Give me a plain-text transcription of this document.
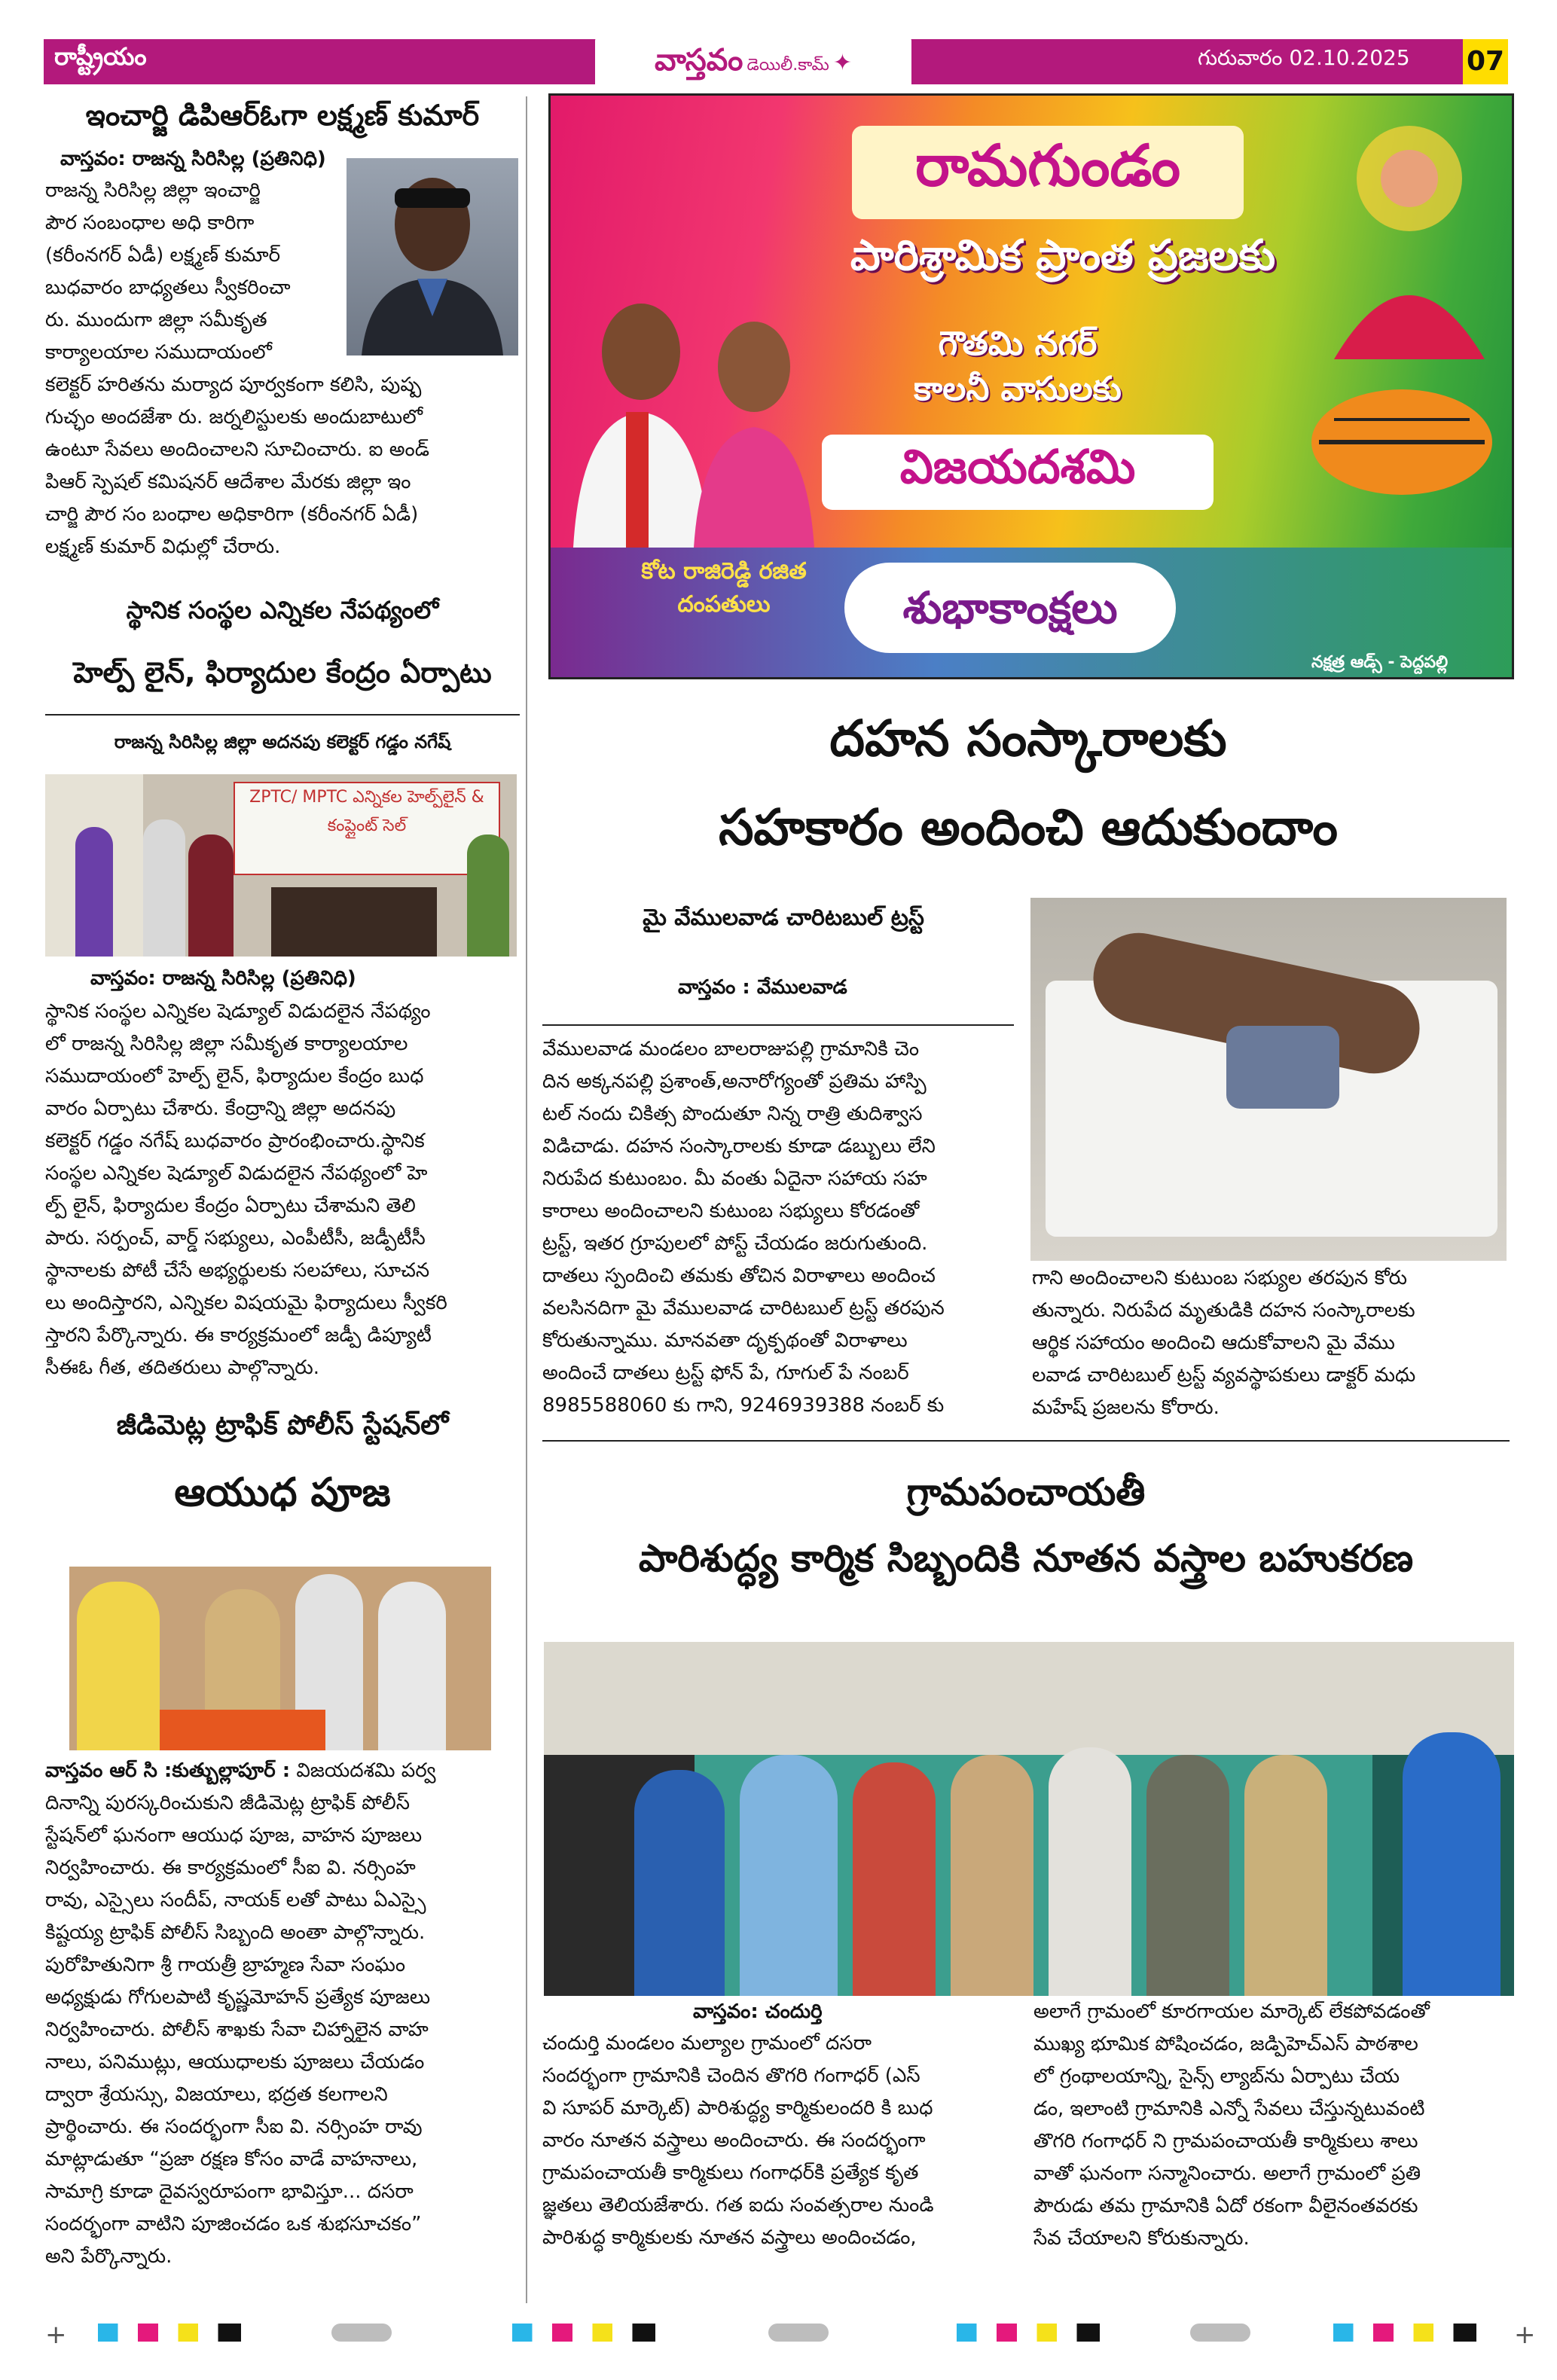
రాష్ట్రీయం	వాస్తవం డెయిలీ.కామ్ ✦	గురువారం 02.10.2025 07
ఇంచార్జి డిపిఆర్ఓగా లక్ష్మణ్ కుమార్
వాస్తవం: రాజన్న సిరిసిల్ల (ప్రతినిధి)
రాజన్న సిరిసిల్ల జిల్లా ఇంచార్జి
పౌర సంబంధాల అధి కారిగా
(కరీంనగర్ ఏడీ) లక్ష్మణ్ కుమార్
బుధవారం బాధ్యతలు స్వీకరించా
రు. ముందుగా జిల్లా సమీకృత
కార్యాలయాల సముదాయంలో
కలెక్టర్ హరితను మర్యాద పూర్వకంగా కలిసి, పుష్ప
గుచ్ఛం అందజేశా రు. జర్నలిస్టులకు అందుబాటులో
ఉంటూ సేవలు అందించాలని సూచించారు. ఐ అండ్
పిఆర్ స్పెషల్ కమిషనర్ ఆదేశాల మేరకు జిల్లా ఇం
చార్జి పౌర సం బంధాల అధికారిగా (కరీంనగర్ ఏడీ)
లక్ష్మణ్ కుమార్ విధుల్లో చేరారు.
స్థానిక సంస్థల ఎన్నికల నేపథ్యంలో
హెల్ప్ లైన్, ఫిర్యాదుల కేంద్రం ఏర్పాటు
రాజన్న సిరిసిల్ల జిల్లా అదనపు కలెక్టర్ గడ్డం నగేష్
ZPTC/ MPTC ఎన్నికల హెల్ప్‌లైన్ & కంప్లైంట్ సెల్
వాస్తవం: రాజన్న సిరిసిల్ల (ప్రతినిధి)
స్థానిక సంస్థల ఎన్నికల షెడ్యూల్ విడుదలైన నేపథ్యం
లో రాజన్న సిరిసిల్ల జిల్లా సమీకృత కార్యాలయాల
సముదాయంలో హెల్ప్ లైన్, ఫిర్యాదుల కేంద్రం బుధ
వారం ఏర్పాటు చేశారు. కేంద్రాన్ని జిల్లా అదనపు
కలెక్టర్ గడ్డం నగేష్ బుధవారం ప్రారంభించారు.స్థానిక
సంస్థల ఎన్నికల షెడ్యూల్ విడుదలైన నేపథ్యంలో హె
ల్ప్ లైన్, ఫిర్యాదుల కేంద్రం ఏర్పాటు చేశామని తెలి
పారు. సర్పంచ్, వార్డ్ సభ్యులు, ఎంపీటీసీ, జడ్పీటీసీ
స్థానాలకు పోటీ చేసే అభ్యర్థులకు సలహాలు, సూచన
లు అందిస్తారని, ఎన్నికల విషయమై ఫిర్యాదులు స్వీకరి
స్తారని పేర్కొన్నారు. ఈ కార్యక్రమంలో జడ్పీ డిప్యూటీ
సీఈఓ గీత, తదితరులు పాల్గొన్నారు.
జీడిమెట్ల ట్రాఫిక్ పోలీస్ స్టేషన్‌లో
ఆయుధ పూజ
వాస్తవం ఆర్ సి :కుత్బుల్లాపూర్ : విజయదశమి పర్వ
దినాన్ని పురస్కరించుకుని జీడిమెట్ల ట్రాఫిక్ పోలీస్
స్టేషన్‌లో ఘనంగా ఆయుధ పూజ, వాహన పూజలు
నిర్వహించారు. ఈ కార్యక్రమంలో సీఐ వి. నర్సింహ
రావు, ఎస్సైలు సందీప్, నాయక్ లతో పాటు ఏఎస్సై
కిష్టయ్య ట్రాఫిక్ పోలీస్ సిబ్బంది అంతా పాల్గొన్నారు.
పురోహితునిగా శ్రీ గాయత్రీ బ్రాహ్మణ సేవా సంఘం
అధ్యక్షుడు గోగులపాటి కృష్ణమోహన్ ప్రత్యేక పూజలు
నిర్వహించారు. పోలీస్ శాఖకు సేవా చిహ్నాలైన వాహ
నాలు, పనిముట్లు, ఆయుధాలకు పూజలు చేయడం
ద్వారా శ్రేయస్సు, విజయాలు, భద్రత కలగాలని
ప్రార్థించారు. ఈ సందర్భంగా సీఐ వి. నర్సింహ రావు
మాట్లాడుతూ “ప్రజా రక్షణ కోసం వాడే వాహనాలు,
సామాగ్రి కూడా దైవస్వరూపంగా భావిస్తూ... దసరా
సందర్భంగా వాటిని పూజించడం ఒక శుభసూచకం”
అని పేర్కొన్నారు.
రామగుండం
పారిశ్రామిక ప్రాంత ప్రజలకు
గౌతమి నగర్
కాలనీ వాసులకు
విజయదశమి
కోట రాజిరెడ్డి రజిత
దంపతులు	శుభాకాంక్షలు
నక్షత్ర ఆడ్స్ - పెద్దపల్లి
దహన సంస్కారాలకు
సహకారం అందించి ఆదుకుందాం
మై వేములవాడ చారిటబుల్ ట్రస్ట్
వాస్తవం : వేములవాడ
వేములవాడ మండలం బాలరాజుపల్లి గ్రామానికి చెం
దిన అక్కనపల్లి ప్రశాంత్,అనారోగ్యంతో ప్రతిమ హాస్పి
టల్ నందు చికిత్స పొందుతూ నిన్న రాత్రి తుదిశ్వాస
విడిచాడు. దహన సంస్కారాలకు కూడా డబ్బులు లేని
నిరుపేద కుటుంబం. మీ వంతు ఏదైనా సహాయ సహ
కారాలు అందించాలని కుటుంబ సభ్యులు కోరడంతో
ట్రస్ట్, ఇతర గ్రూపులలో పోస్ట్ చేయడం జరుగుతుంది.
దాతలు స్పందించి తమకు తోచిన విరాళాలు అందించ
వలసినదిగా మై వేములవాడ చారిటబుల్ ట్రస్ట్ తరపున
కోరుతున్నాము. మానవతా దృక్పథంతో విరాళాలు
అందించే దాతలు ట్రస్ట్ ఫోన్ పే, గూగుల్ పే నంబర్
8985588060 కు గాని, 9246939388 నంబర్ కు
గాని అందించాలని కుటుంబ సభ్యుల తరపున కోరు
తున్నారు. నిరుపేద మృతుడికి దహన సంస్కారాలకు
ఆర్థిక సహాయం అందించి ఆదుకోవాలని మై వేము
లవాడ చారిటబుల్ ట్రస్ట్ వ్యవస్థాపకులు డాక్టర్ మధు
మహేష్ ప్రజలను కోరారు.
గ్రామపంచాయతీ
పారిశుద్ధ్య కార్మిక సిబ్బందికి నూతన వస్త్రాల బహుకరణ
వాస్తవం: చందుర్తి
చందుర్తి మండలం మల్యాల గ్రామంలో దసరా
సందర్భంగా గ్రామానికి చెందిన తొగరి గంగాధర్ (ఎస్
వి సూపర్ మార్కెట్) పారిశుద్ధ్య కార్మికులందరి కి బుధ
వారం నూతన వస్త్రాలు అందించారు. ఈ సందర్భంగా
గ్రామపంచాయతీ కార్మికులు గంగాధర్‌కి ప్రత్యేక కృత
జ్ఞతలు తెలియజేశారు. గత ఐదు సంవత్సరాల నుండి
పారిశుద్ధ కార్మికులకు నూతన వస్త్రాలు అందించడం,
అలాగే గ్రామంలో కూరగాయల మార్కెట్ లేకపోవడంతో
ముఖ్య భూమిక పోషించడం, జడ్పిహెచ్‌ఎస్ పాఠశాల
లో గ్రంథాలయాన్ని, సైన్స్ ల్యాబ్‌ను ఏర్పాటు చేయ
డం, ఇలాంటి గ్రామానికి ఎన్నో సేవలు చేస్తున్నటువంటి
తొగరి గంగాధర్ ని గ్రామపంచాయతీ కార్మికులు శాలు
వాతో ఘనంగా సన్మానించారు. అలాగే గ్రామంలో ప్రతి
పౌరుడు తమ గ్రామానికి ఏదో రకంగా వీలైనంతవరకు
సేవ చేయాలని కోరుకున్నారు.
+	+
